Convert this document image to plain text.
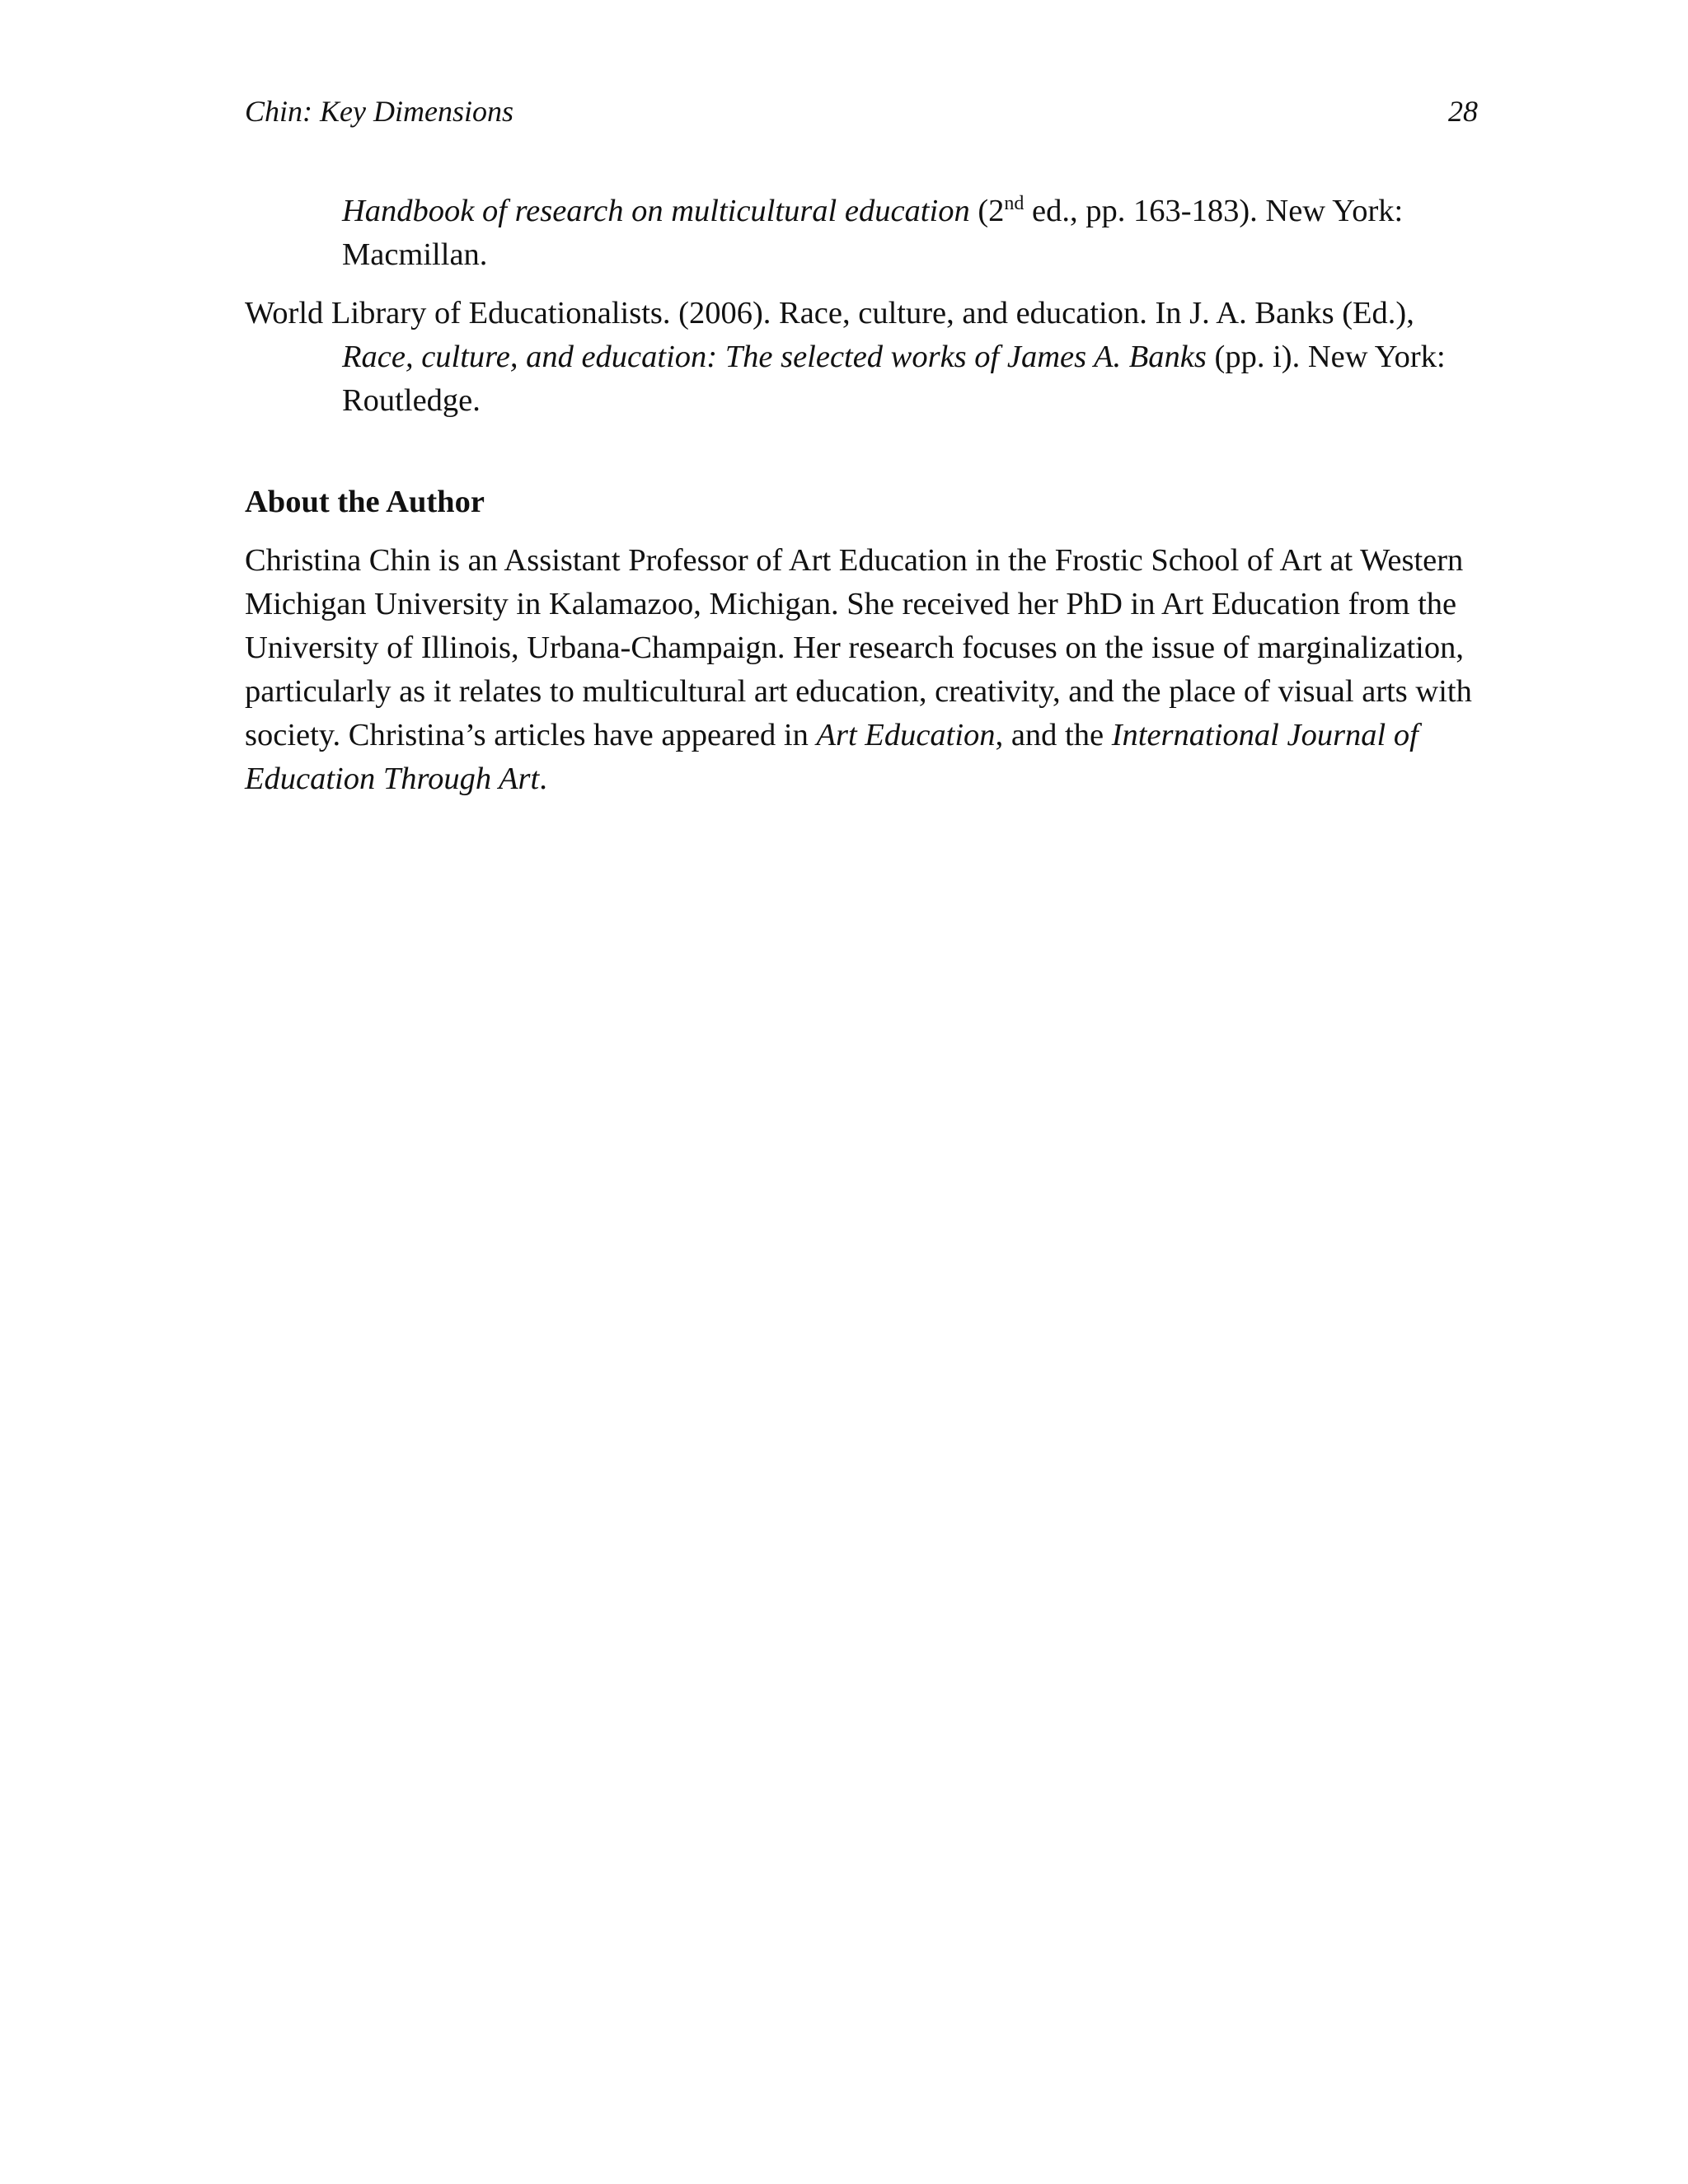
Chin: Key Dimensions	28

Handbook of research on multicultural education (2nd ed., pp. 163-183). New York: Macmillan.

World Library of Educationalists. (2006). Race, culture, and education. In J. A. Banks (Ed.), Race, culture, and education: The selected works of James A. Banks (pp. i). New York: Routledge.

About the Author

Christina Chin is an Assistant Professor of Art Education in the Frostic School of Art at Western Michigan University in Kalamazoo, Michigan. She received her PhD in Art Education from the University of Illinois, Urbana-Champaign. Her research focuses on the issue of marginalization, particularly as it relates to multicultural art education, creativity, and the place of visual arts with society. Christina’s articles have appeared in Art Education, and the International Journal of Education Through Art.
